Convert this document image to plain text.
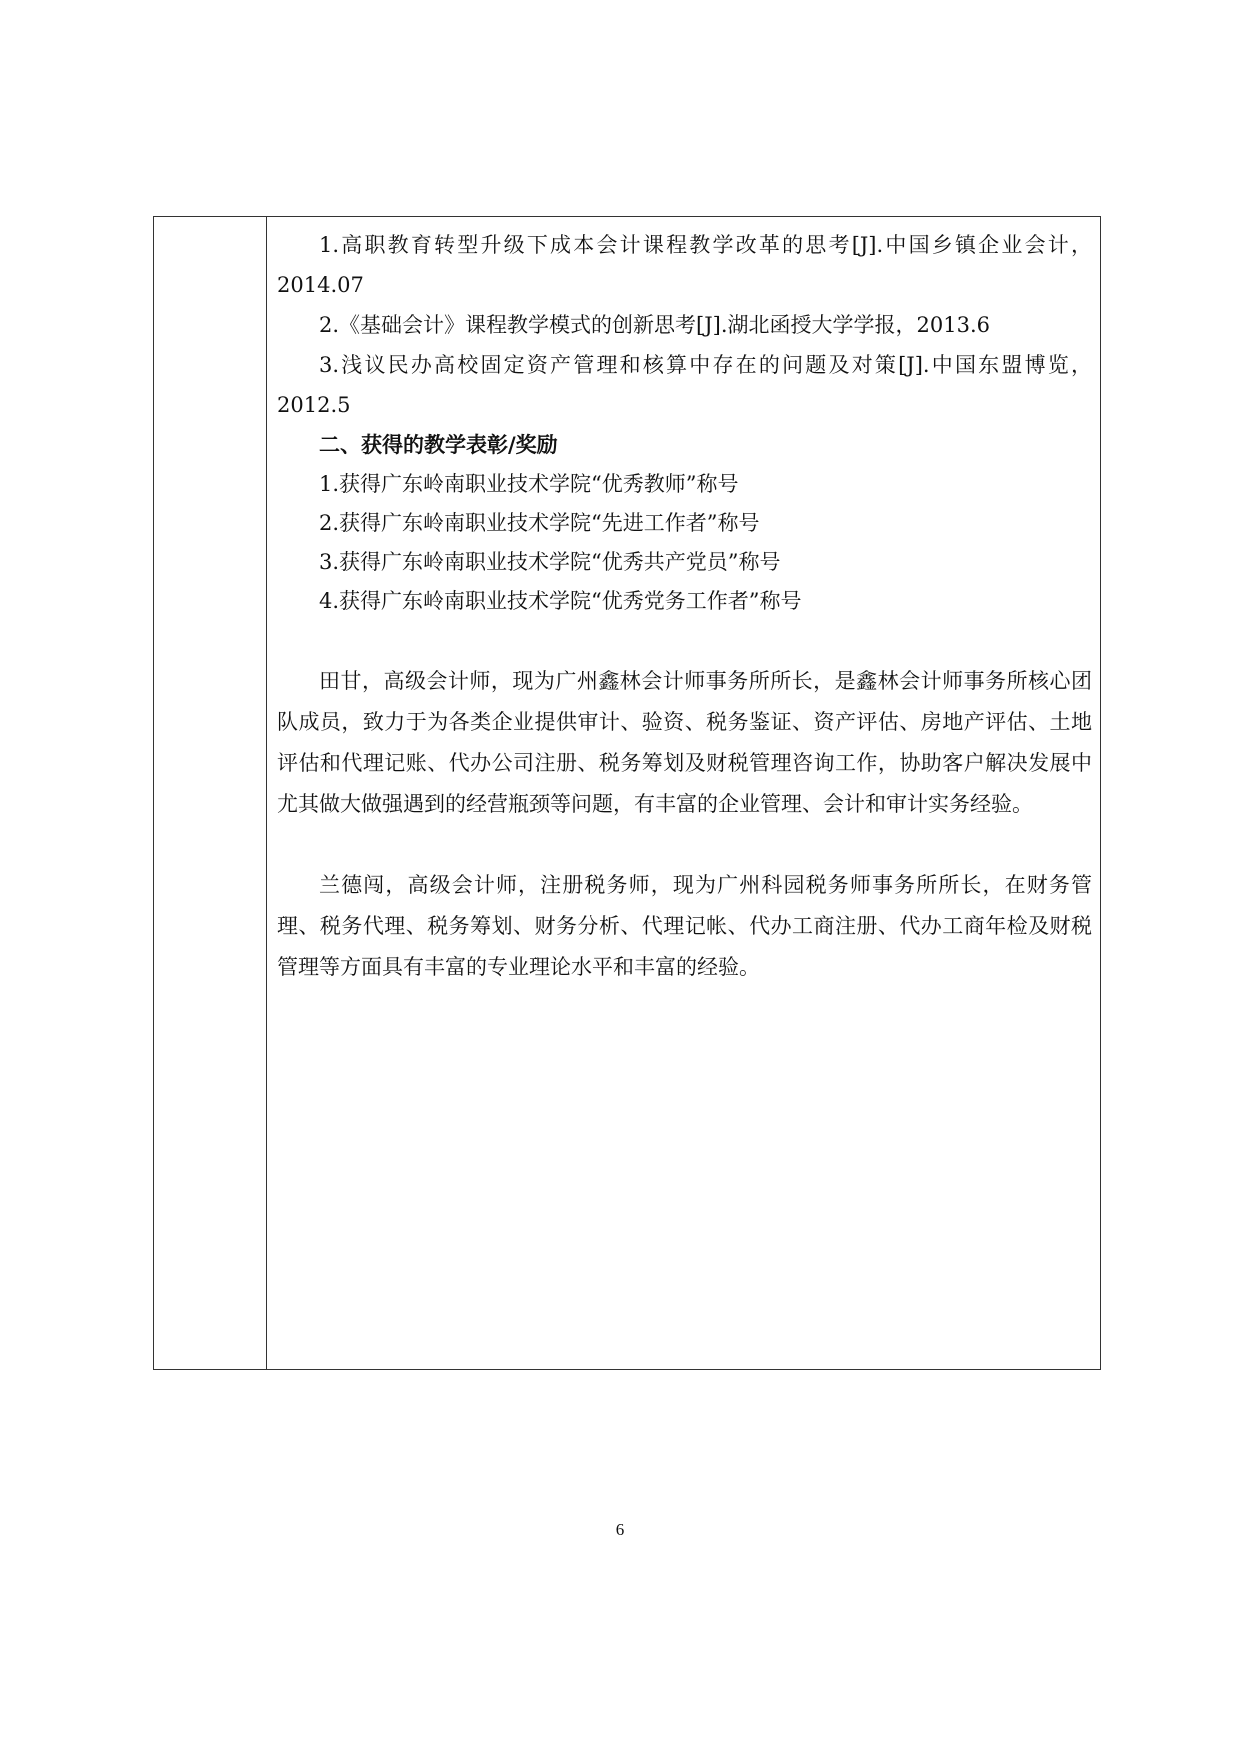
1.高职教育转型升级下成本会计课程教学改革的思考[J].中国乡镇企业会计，2014.07

2.《基础会计》课程教学模式的创新思考[J].湖北函授大学学报，2013.6

3.浅议民办高校固定资产管理和核算中存在的问题及对策[J].中国东盟博览，2012.5

二、获得的教学表彰/奖励

1.获得广东岭南职业技术学院“优秀教师”称号

2.获得广东岭南职业技术学院“先进工作者”称号

3.获得广东岭南职业技术学院“优秀共产党员”称号

4.获得广东岭南职业技术学院“优秀党务工作者”称号

田甘，高级会计师，现为广州鑫林会计师事务所所长，是鑫林会计师事务所核心团队成员，致力于为各类企业提供审计、验资、税务鉴证、资产评估、房地产评估、土地评估和代理记账、代办公司注册、税务筹划及财税管理咨询工作，协助客户解决发展中尤其做大做强遇到的经营瓶颈等问题，有丰富的企业管理、会计和审计实务经验。

兰德闯，高级会计师，注册税务师，现为广州科园税务师事务所所长，在财务管理、税务代理、税务筹划、财务分析、代理记帐、代办工商注册、代办工商年检及财税管理等方面具有丰富的专业理论水平和丰富的经验。

6
